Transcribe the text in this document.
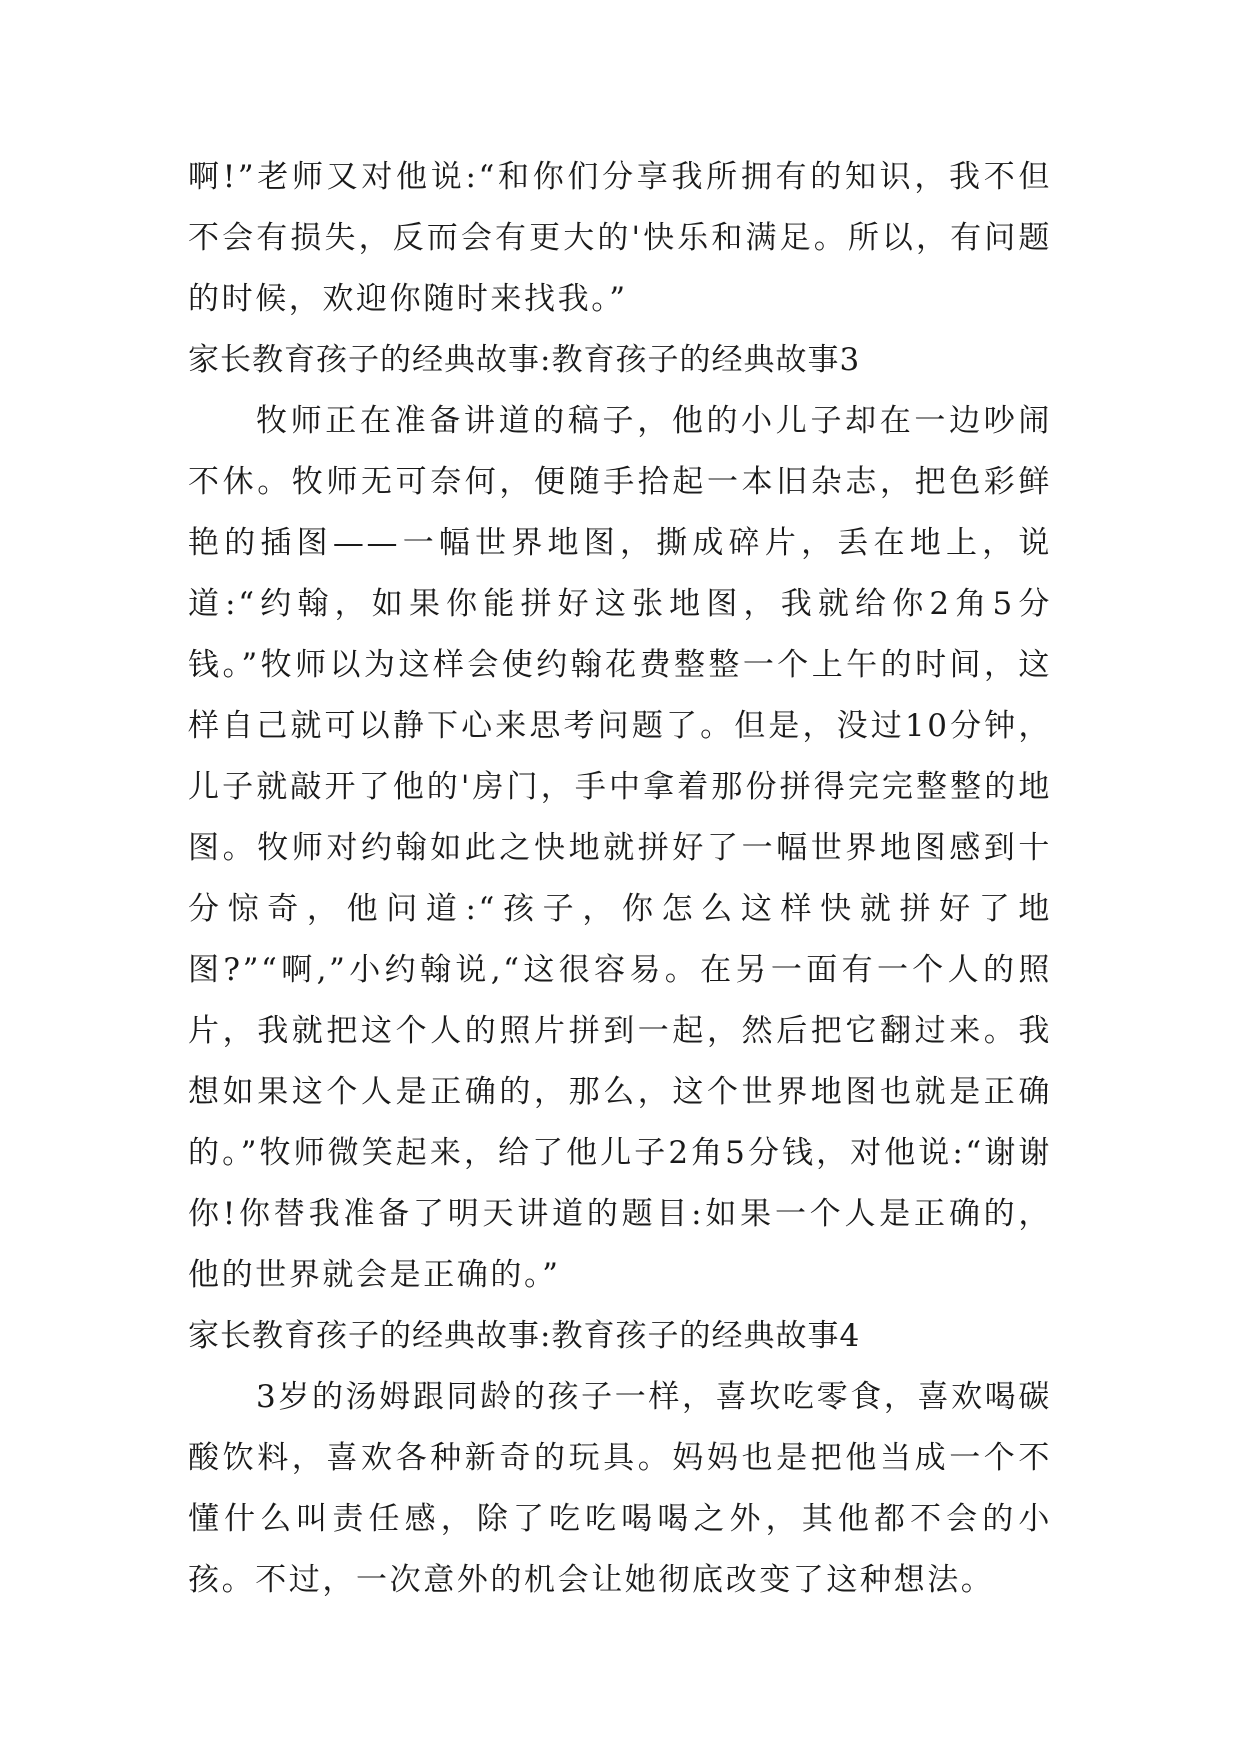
啊!”老师又对他说:“和你们分享我所拥有的知识，我不但不会有损失，反而会有更大的'快乐和满足。所以，有问题的时候，欢迎你随时来找我。”

家长教育孩子的经典故事:教育孩子的经典故事3

牧师正在准备讲道的稿子，他的小儿子却在一边吵闹不休。牧师无可奈何，便随手拾起一本旧杂志，把色彩鲜艳的插图——一幅世界地图，撕成碎片，丢在地上，说道:“约翰，如果你能拼好这张地图，我就给你2角5分钱。”牧师以为这样会使约翰花费整整一个上午的时间，这样自己就可以静下心来思考问题了。但是，没过10分钟，儿子就敲开了他的'房门，手中拿着那份拼得完完整整的地图。牧师对约翰如此之快地就拼好了一幅世界地图感到十分惊奇，他问道:“孩子，你怎么这样快就拼好了地图?”“啊,”小约翰说,“这很容易。在另一面有一个人的照片，我就把这个人的照片拼到一起，然后把它翻过来。我想如果这个人是正确的，那么，这个世界地图也就是正确的。”牧师微笑起来，给了他儿子2角5分钱，对他说:“谢谢你!你替我准备了明天讲道的题目:如果一个人是正确的，他的世界就会是正确的。”

家长教育孩子的经典故事:教育孩子的经典故事4

3岁的汤姆跟同龄的孩子一样，喜坎吃零食，喜欢喝碳酸饮料，喜欢各种新奇的玩具。妈妈也是把他当成一个不懂什么叫责任感，除了吃吃喝喝之外，其他都不会的小孩。不过，一次意外的机会让她彻底改变了这种想法。
